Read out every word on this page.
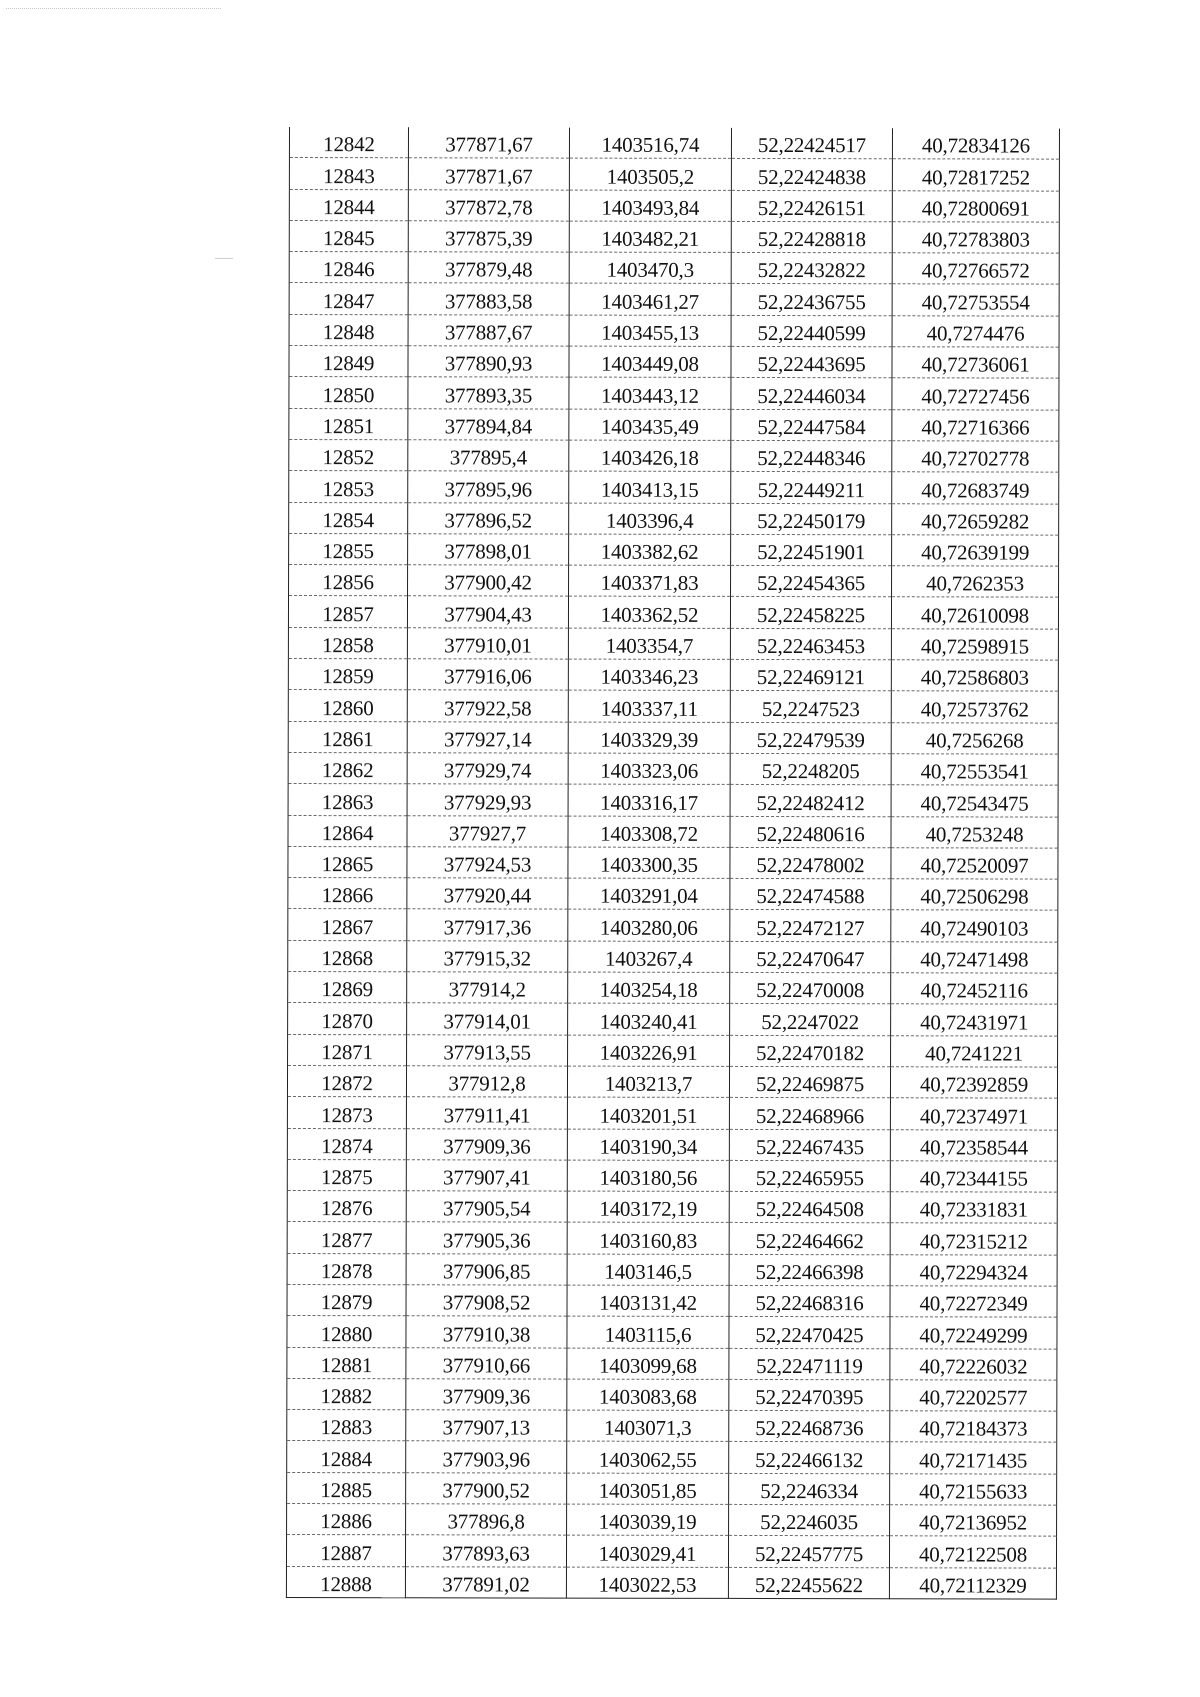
12842	377871,67	1403516,74	52,22424517	40,72834126
12843	377871,67	1403505,2	52,22424838	40,72817252
12844	377872,78	1403493,84	52,22426151	40,72800691
12845	377875,39	1403482,21	52,22428818	40,72783803
12846	377879,48	1403470,3	52,22432822	40,72766572
12847	377883,58	1403461,27	52,22436755	40,72753554
12848	377887,67	1403455,13	52,22440599	40,7274476
12849	377890,93	1403449,08	52,22443695	40,72736061
12850	377893,35	1403443,12	52,22446034	40,72727456
12851	377894,84	1403435,49	52,22447584	40,72716366
12852	377895,4	1403426,18	52,22448346	40,72702778
12853	377895,96	1403413,15	52,22449211	40,72683749
12854	377896,52	1403396,4	52,22450179	40,72659282
12855	377898,01	1403382,62	52,22451901	40,72639199
12856	377900,42	1403371,83	52,22454365	40,7262353
12857	377904,43	1403362,52	52,22458225	40,72610098
12858	377910,01	1403354,7	52,22463453	40,72598915
12859	377916,06	1403346,23	52,22469121	40,72586803
12860	377922,58	1403337,11	52,2247523	40,72573762
12861	377927,14	1403329,39	52,22479539	40,7256268
12862	377929,74	1403323,06	52,2248205	40,72553541
12863	377929,93	1403316,17	52,22482412	40,72543475
12864	377927,7	1403308,72	52,22480616	40,7253248
12865	377924,53	1403300,35	52,22478002	40,72520097
12866	377920,44	1403291,04	52,22474588	40,72506298
12867	377917,36	1403280,06	52,22472127	40,72490103
12868	377915,32	1403267,4	52,22470647	40,72471498
12869	377914,2	1403254,18	52,22470008	40,72452116
12870	377914,01	1403240,41	52,2247022	40,72431971
12871	377913,55	1403226,91	52,22470182	40,7241221
12872	377912,8	1403213,7	52,22469875	40,72392859
12873	377911,41	1403201,51	52,22468966	40,72374971
12874	377909,36	1403190,34	52,22467435	40,72358544
12875	377907,41	1403180,56	52,22465955	40,72344155
12876	377905,54	1403172,19	52,22464508	40,72331831
12877	377905,36	1403160,83	52,22464662	40,72315212
12878	377906,85	1403146,5	52,22466398	40,72294324
12879	377908,52	1403131,42	52,22468316	40,72272349
12880	377910,38	1403115,6	52,22470425	40,72249299
12881	377910,66	1403099,68	52,22471119	40,72226032
12882	377909,36	1403083,68	52,22470395	40,72202577
12883	377907,13	1403071,3	52,22468736	40,72184373
12884	377903,96	1403062,55	52,22466132	40,72171435
12885	377900,52	1403051,85	52,2246334	40,72155633
12886	377896,8	1403039,19	52,2246035	40,72136952
12887	377893,63	1403029,41	52,22457775	40,72122508
12888	377891,02	1403022,53	52,22455622	40,72112329
